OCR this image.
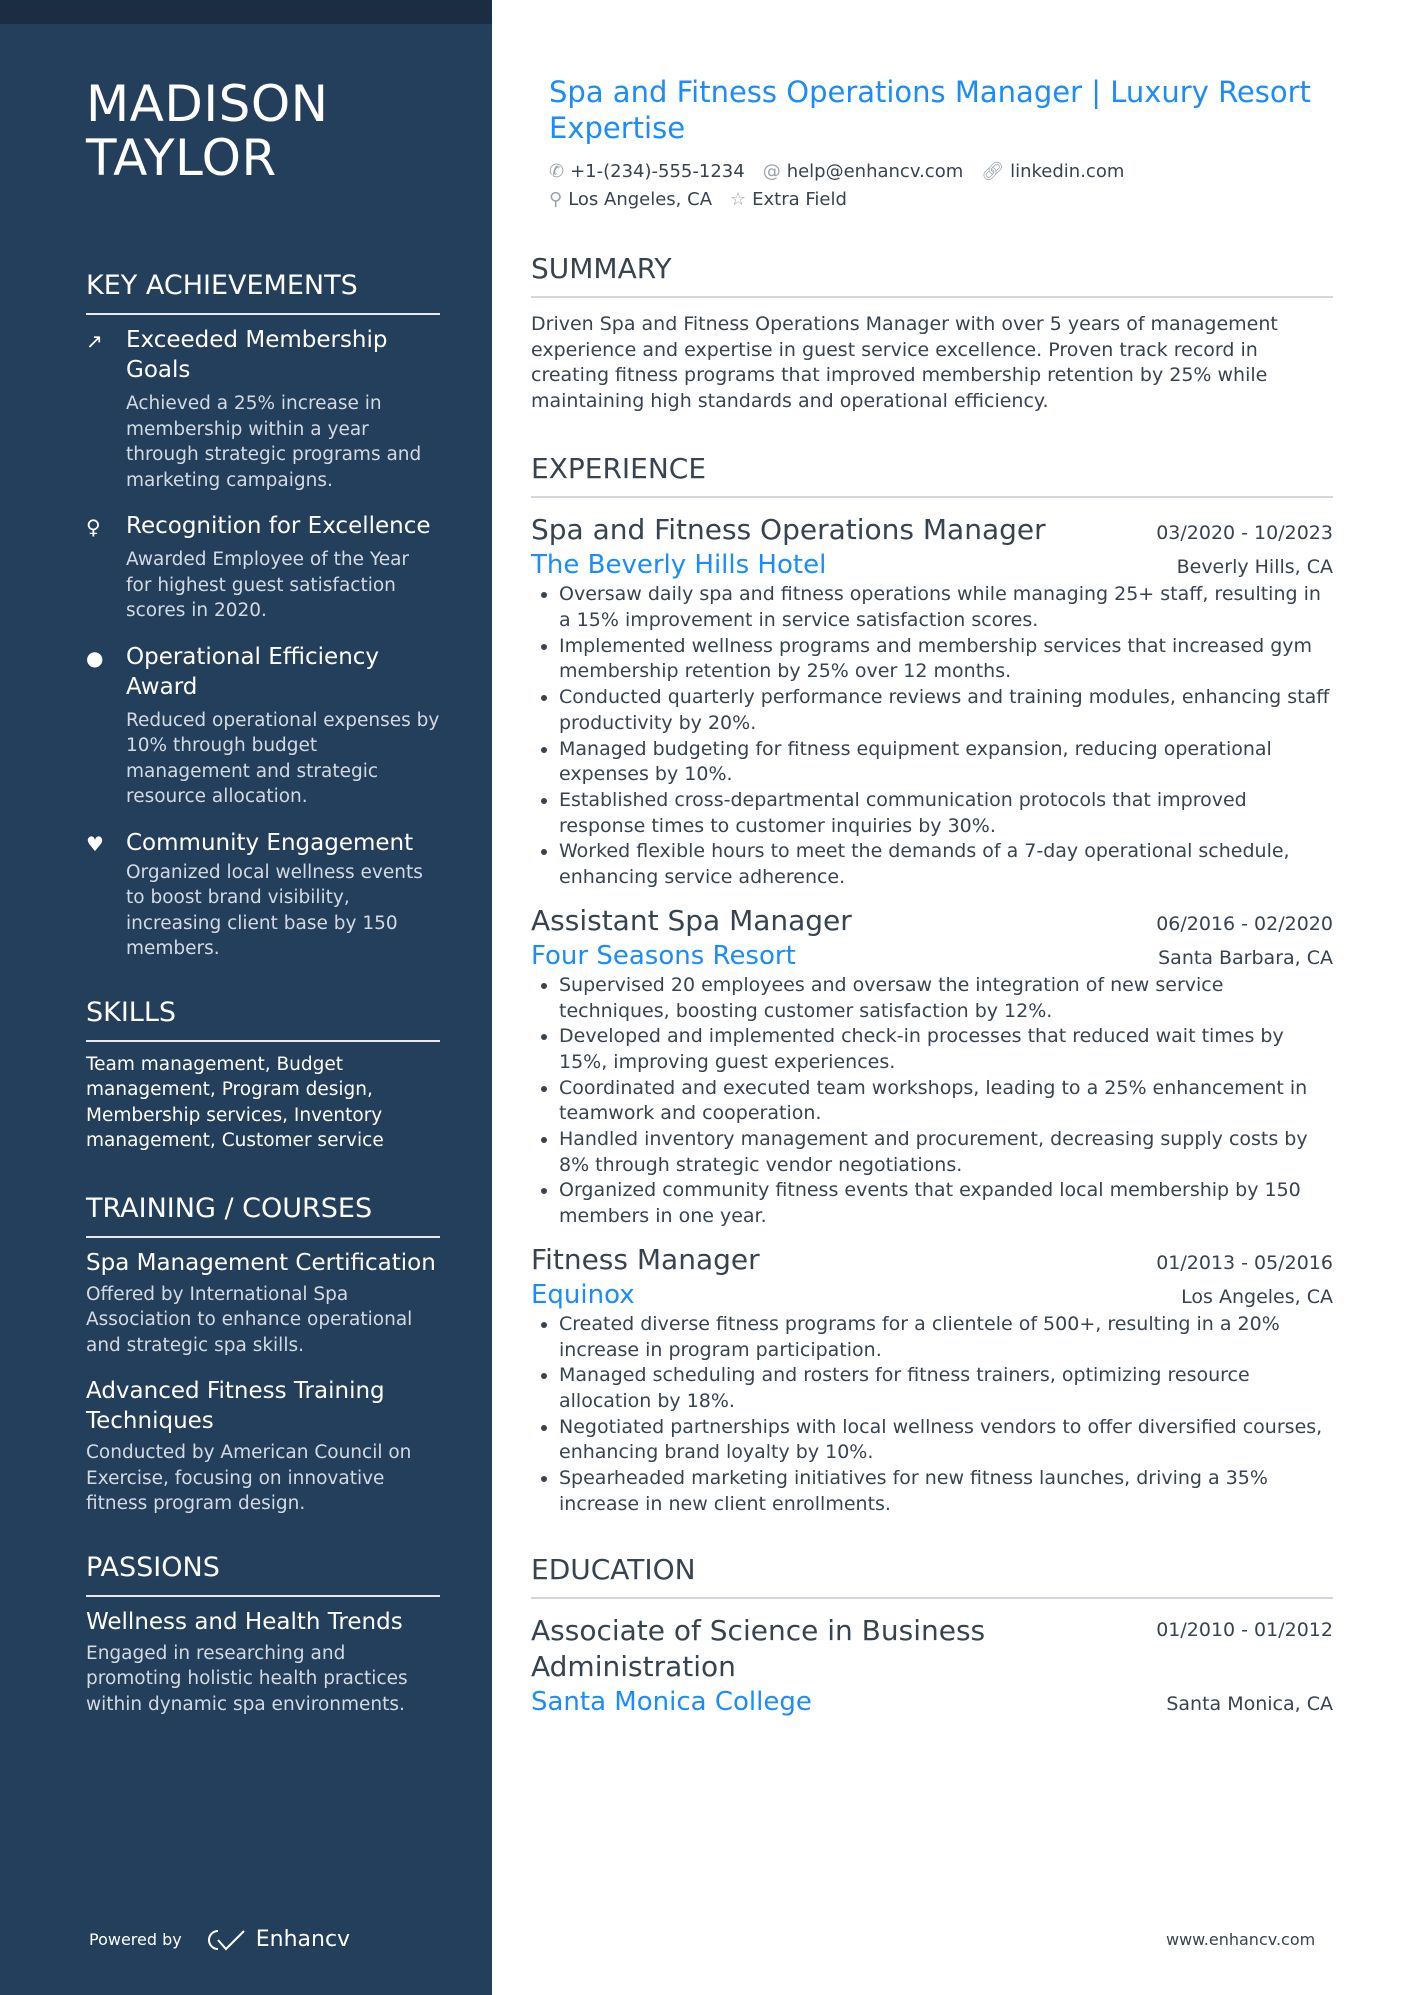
MADISON
TAYLOR
KEY ACHIEVEMENTS
↗	Exceeded Membership Goals
Achieved a 25% increase in membership within a year through strategic programs and marketing campaigns.
♀	Recognition for Excellence
Awarded Employee of the Year for highest guest satisfaction scores in 2020.
● Operational Efficiency Award
Reduced operational expenses by 10% through budget management and strategic resource allocation.
♥ Community Engagement
Organized local wellness events to boost brand visibility, increasing client base by 150 members.
SKILLS
Team management, Budget management, Program design, Membership services, Inventory management, Customer service
TRAINING / COURSES
Spa Management Certification
Offered by International Spa Association to enhance operational and strategic spa skills.
Advanced Fitness Training Techniques
Conducted by American Council on Exercise, focusing on innovative fitness program design.
PASSIONS
Wellness and Health Trends
Engaged in researching and promoting holistic health practices within dynamic spa environments.
Powered by	Enhancv
Spa and Fitness Operations Manager | Luxury Resort Expertise
✆ +1-(234)-555-1234 @ help@enhancv.com 🔗︎ linkedin.com
⚲ Los Angeles, CA ☆ Extra Field
SUMMARY
Driven Spa and Fitness Operations Manager with over 5 years of management experience and expertise in guest service excellence. Proven track record in creating fitness programs that improved membership retention by 25% while maintaining high standards and operational efficiency.
EXPERIENCE
Spa and Fitness Operations Manager	03/2020 - 10/2023
The Beverly Hills Hotel	Beverly Hills, CA
• Oversaw daily spa and fitness operations while managing 25+ staff, resulting in a 15% improvement in service satisfaction scores.
• Implemented wellness programs and membership services that increased gym membership retention by 25% over 12 months.
• Conducted quarterly performance reviews and training modules, enhancing staff productivity by 20%.
• Managed budgeting for fitness equipment expansion, reducing operational expenses by 10%.
• Established cross-departmental communication protocols that improved response times to customer inquiries by 30%.
• Worked flexible hours to meet the demands of a 7-day operational schedule, enhancing service adherence.
Assistant Spa Manager	06/2016 - 02/2020
Four Seasons Resort	Santa Barbara, CA
• Supervised 20 employees and oversaw the integration of new service techniques, boosting customer satisfaction by 12%.
• Developed and implemented check-in processes that reduced wait times by 15%, improving guest experiences.
• Coordinated and executed team workshops, leading to a 25% enhancement in teamwork and cooperation.
• Handled inventory management and procurement, decreasing supply costs by 8% through strategic vendor negotiations.
• Organized community fitness events that expanded local membership by 150 members in one year.
Fitness Manager	01/2013 - 05/2016
Equinox	Los Angeles, CA
• Created diverse fitness programs for a clientele of 500+, resulting in a 20% increase in program participation.
• Managed scheduling and rosters for fitness trainers, optimizing resource allocation by 18%.
• Negotiated partnerships with local wellness vendors to offer diversified courses, enhancing brand loyalty by 10%.
• Spearheaded marketing initiatives for new fitness launches, driving a 35% increase in new client enrollments.
EDUCATION
Associate of Science in Business Administration
01/2010 - 01/2012
Santa Monica College	Santa Monica, CA
www.enhancv.com
